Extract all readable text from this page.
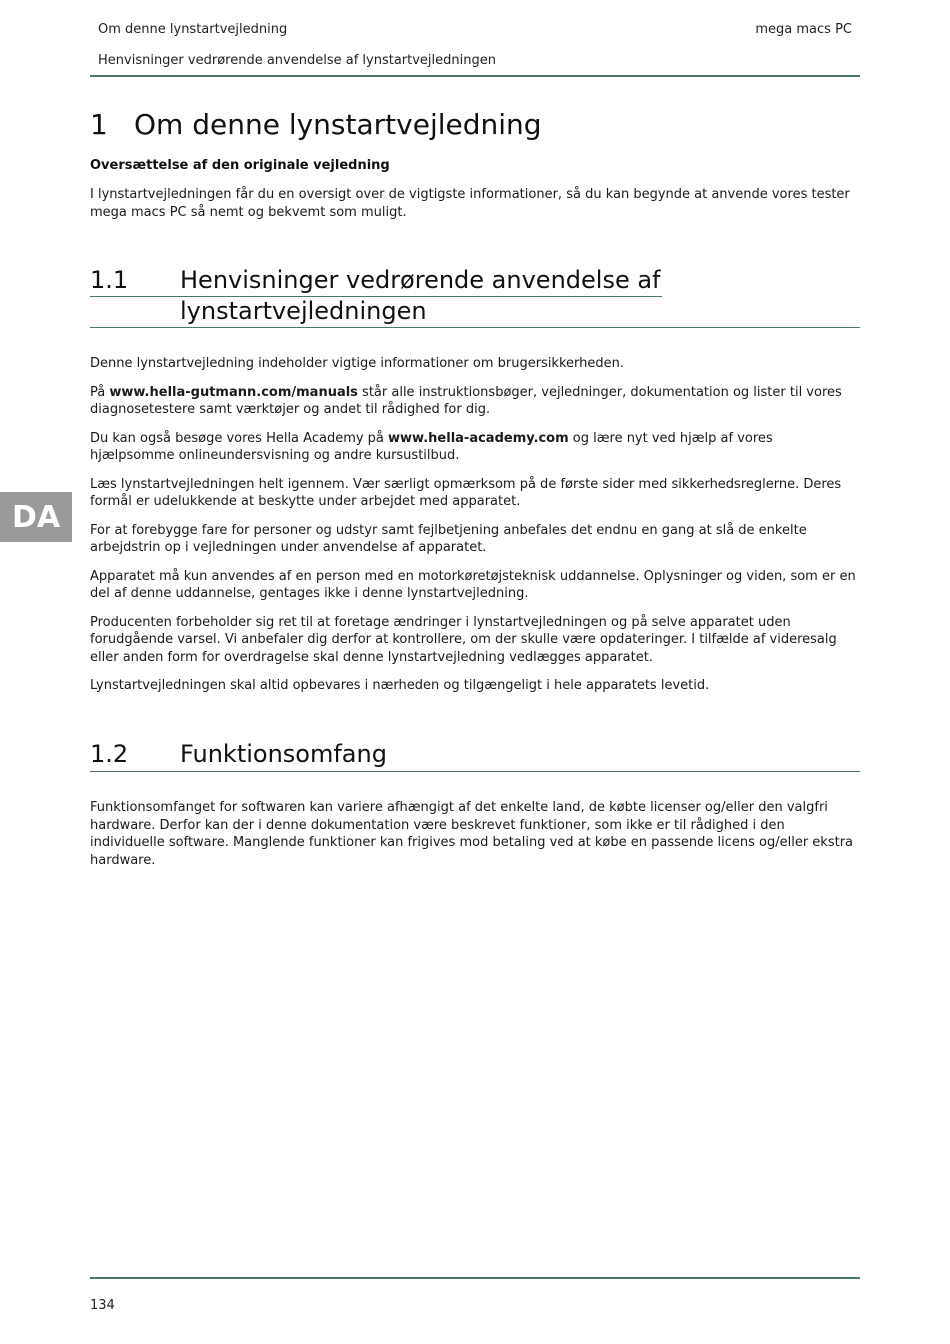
Om denne lynstartvejledning	mega macs PC
Henvisninger vedrørende anvendelse af lynstartvejledningen
DA
1 Om denne lynstartvejledning
Oversættelse af den originale vejledning

I lynstartvejledningen får du en oversigt over de vigtigste informationer, så du kan begynde at anvende vores tester mega macs PC så nemt og bekvemt som muligt.

1.1 Henvisninger vedrørende anvendelse af
lynstartvejledningen

Denne lynstartvejledning indeholder vigtige informationer om brugersikkerheden.

På www.hella-gutmann.com/manuals står alle instruktionsbøger, vejledninger, dokumentation og lister til vores diagnosetestere samt værktøjer og andet til rådighed for dig.

Du kan også besøge vores Hella Academy på www.hella-academy.com og lære nyt ved hjælp af vores hjælpsomme onlineundersvisning og andre kursustilbud.

Læs lynstartvejledningen helt igennem. Vær særligt opmærksom på de første sider med sikkerhedsreglerne. Deres formål er udelukkende at beskytte under arbejdet med apparatet.

For at forebygge fare for personer og udstyr samt fejlbetjening anbefales det endnu en gang at slå de enkelte arbejdstrin op i vejledningen under anvendelse af apparatet.

Apparatet må kun anvendes af en person med en motorkøretøjsteknisk uddannelse. Oplysninger og viden, som er en del af denne uddannelse, gentages ikke i denne lynstartvejledning.

Producenten forbeholder sig ret til at foretage ændringer i lynstartvejledningen og på selve apparatet uden forudgående varsel. Vi anbefaler dig derfor at kontrollere, om der skulle være opdateringer. I tilfælde af videresalg eller anden form for overdragelse skal denne lynstartvejledning vedlægges apparatet.

Lynstartvejledningen skal altid opbevares i nærheden og tilgængeligt i hele apparatets levetid.

1.2 Funktionsomfang

Funktionsomfanget for softwaren kan variere afhængigt af det enkelte land, de købte licenser og/eller den valgfri hardware. Derfor kan der i denne dokumentation være beskrevet funktioner, som ikke er til rådighed i den individuelle software. Manglende funktioner kan frigives mod betaling ved at købe en passende licens og/eller ekstra hardware.

134
